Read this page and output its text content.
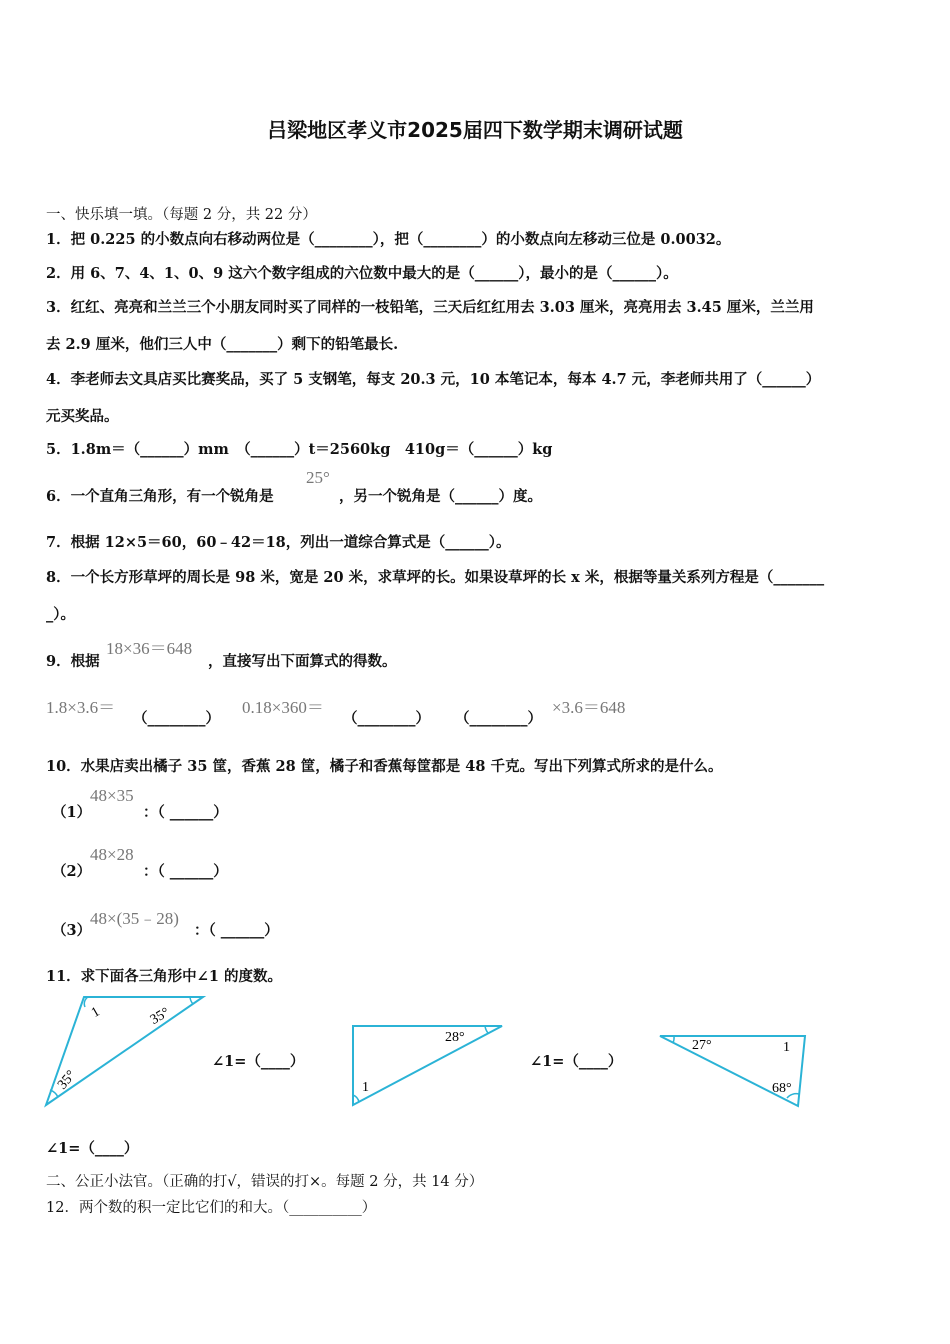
吕梁地区孝义市2025届四下数学期末调研试题
一、快乐填一填。（每题 2 分，共 22 分）
1．把 0.225 的小数点向右移动两位是（________），把（________）的小数点向左移动三位是 0.0032。
2．用 6、7、4、1、0、9 这六个数字组成的六位数中最大的是（______），最小的是（______）。
3．红红、亮亮和兰兰三个小朋友同时买了同样的一枝铅笔，三天后红红用去 3.03 厘米，亮亮用去 3.45 厘米，兰兰用
去 2.9 厘米，他们三人中（_______）剩下的铅笔最长.
4．李老师去文具店买比赛奖品，买了 5 支钢笔，每支 20.3 元，10 本笔记本，每本 4.7 元，李老师共用了（______）
元买奖品。
5．1.8m＝（______）mm　（______）t＝2560kg　410g＝（______）kg
6．一个直角三角形，有一个锐角是
25°
，另一个锐角是（______）度。
7．根据 12×5＝60，60﹣42＝18，列出一道综合算式是（______）。
8．一个长方形草坪的周长是 98 米，宽是 20 米，求草坪的长。如果设草坪的长 x 米，根据等量关系列方程是（_______
_）。
9．根据
18×36＝648
，直接写出下面算式的得数。
1.8×3.6＝
（________）
0.18×360＝
（________） （________）
×3.6＝648
10．水果店卖出橘子 35 筐，香蕉 28 筐，橘子和香蕉每筐都是 48 千克。写出下列算式所求的是什么。
（1）
48×35
：（ ______）
（2）
48×28
：（ ______）
（3）
48×(35﹣28)
：（ ______）
11．求下面各三角形中∠1 的度数。
1	35°
35°
∠1=（____）
28°
1
∠1=（____）
27°	1
68°
∠1=（____）
二、公正小法官。（正确的打√，错误的打×。每题 2 分，共 14 分）
12．两个数的积一定比它们的和大。（__________）
